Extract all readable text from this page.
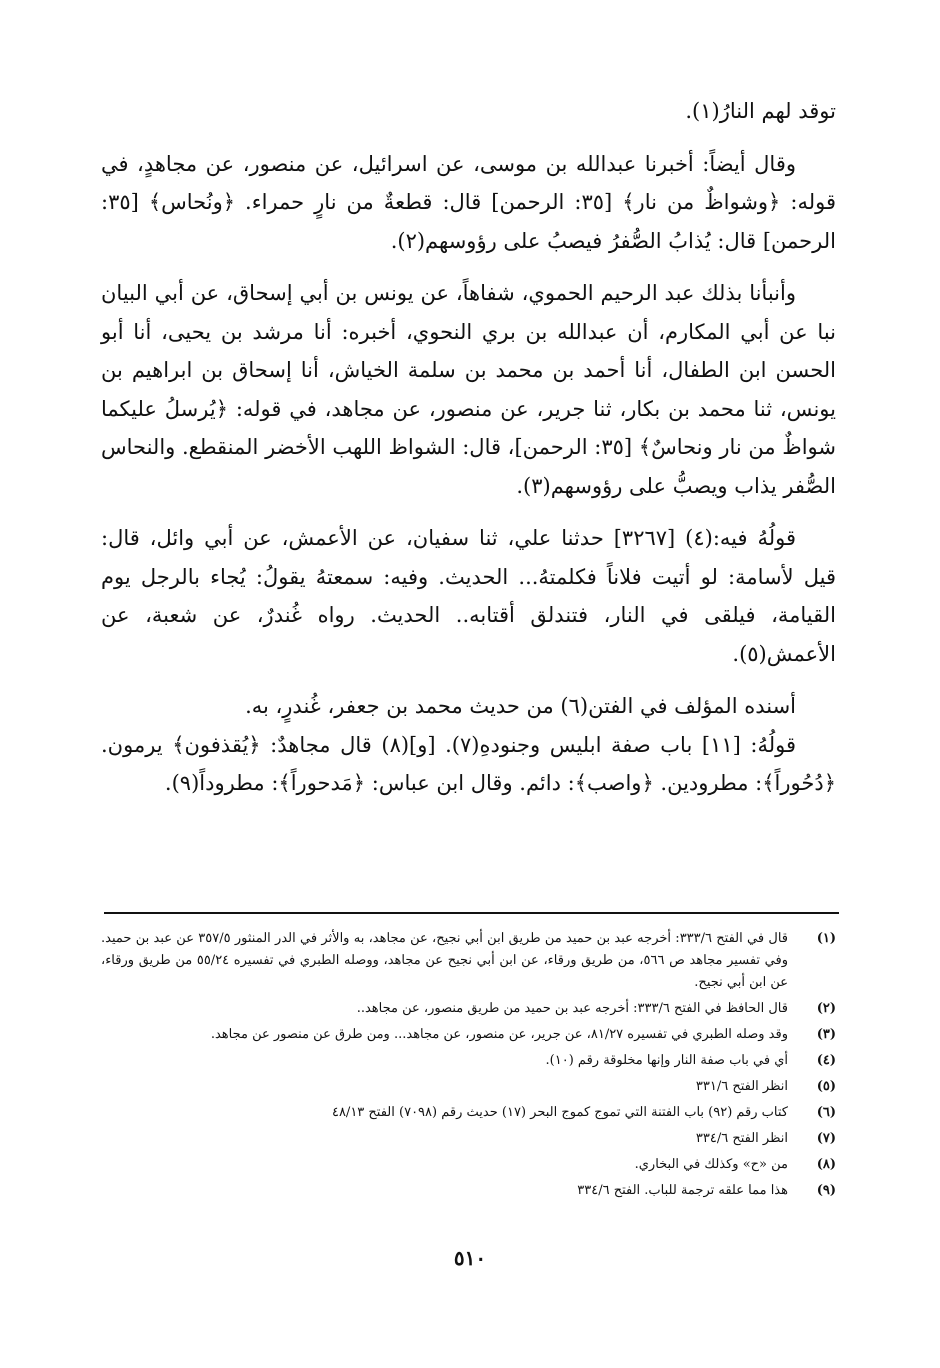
توقد لهم النارُ(١).

وقال أيضاً: أخبرنا عبدالله بن موسى، عن اسرائيل، عن منصور، عن مجاهدٍ، في قوله: ﴿وشواظٌ من نار﴾ [٣٥: الرحمن] قال: قطعةٌ من نارٍ حمراء. ﴿ونُحاس﴾ [٣٥: الرحمن] قال: يُذابُ الصُّفرُ فيصبُ على رؤوسهم(٢).

وأنبأنا بذلك عبد الرحيم الحموي، شفاهاً، عن يونس بن أبي إسحاق، عن أبي البيان نبا عن أبي المكارم، أن عبدالله بن بري النحوي، أخبره: أنا مرشد بن يحيى، أنا أبو الحسن ابن الطفال، أنا أحمد بن محمد بن سلمة الخياش، أنا إسحاق بن ابراهيم بن يونس، ثنا محمد بن بكار، ثنا جرير، عن منصور، عن مجاهد، في قوله: ﴿يُرسلُ عليكما شواظٌ من نار ونحاسٌ﴾ [٣٥: الرحمن]، قال: الشواظ اللهب الأخضر المنقطع. والنحاس الصُّفر يذاب ويصبُّ على رؤوسهم(٣).

قولُهُ فيه:(٤) [٣٢٦٧] حدثنا علي، ثنا سفيان، عن الأعمش، عن أبي وائل، قال: قيل لأسامة: لو أتيت فلاناً فكلمتهُ... الحديث. وفيه: سمعتهُ يقولُ: يُجاء بالرجل يوم القيامة، فيلقى في النار، فتندلق أقتابه.. الحديث. رواه غُندرٌ، عن شعبة، عن الأعمش(٥).

أسنده المؤلف في الفتن(٦) من حديث محمد بن جعفر، غُندرٍ، به.

قولُهُ: [١١] باب صفة ابليس وجنودهِ(٧). [و](٨) قال مجاهدٌ: ﴿يُقذفون﴾ يرمون. ﴿دُحُوراً﴾: مطرودين. ﴿واصب﴾: دائم. وقال ابن عباس: ﴿مَدحوراً﴾: مطروداً(٩).

(١)
قال في الفتح ٣٣٣/٦: أخرجه عبد بن حميد من طريق ابن أبي نجيح، عن مجاهد، به والأثر في الدر المنثور ٣٥٧/٥ عن عبد بن حميد. وفي تفسير مجاهد ص ٥٦٦، من طريق ورقاء، عن ابن أبي نجيح عن مجاهد، ووصله الطبري في تفسيره ٥٥/٢٤ من طريق ورقاء، عن ابن أبي نجيح.
(٢)
قال الحافظ في الفتح ٣٣٣/٦: أخرجه عبد بن حميد من طريق منصور، عن مجاهد..
(٣)
وقد وصله الطبري في تفسيره ٨١/٢٧، عن جرير، عن منصور، عن مجاهد... ومن طرق عن منصور عن مجاهد.
(٤)
أي في باب صفة النار وإنها مخلوقة رقم (١٠).
(٥)
انظر الفتح ٣٣١/٦
(٦)
كتاب رقم (٩٢) باب الفتنة التي تموج كموج البحر (١٧) حديث رقم (٧٠٩٨) الفتح ٤٨/١٣
(٧)
انظر الفتح ٣٣٤/٦
(٨)
من «ح» وكذلك في البخاري.
(٩)
هذا مما علقه ترجمة للباب. الفتح ٣٣٤/٦
٥١٠
